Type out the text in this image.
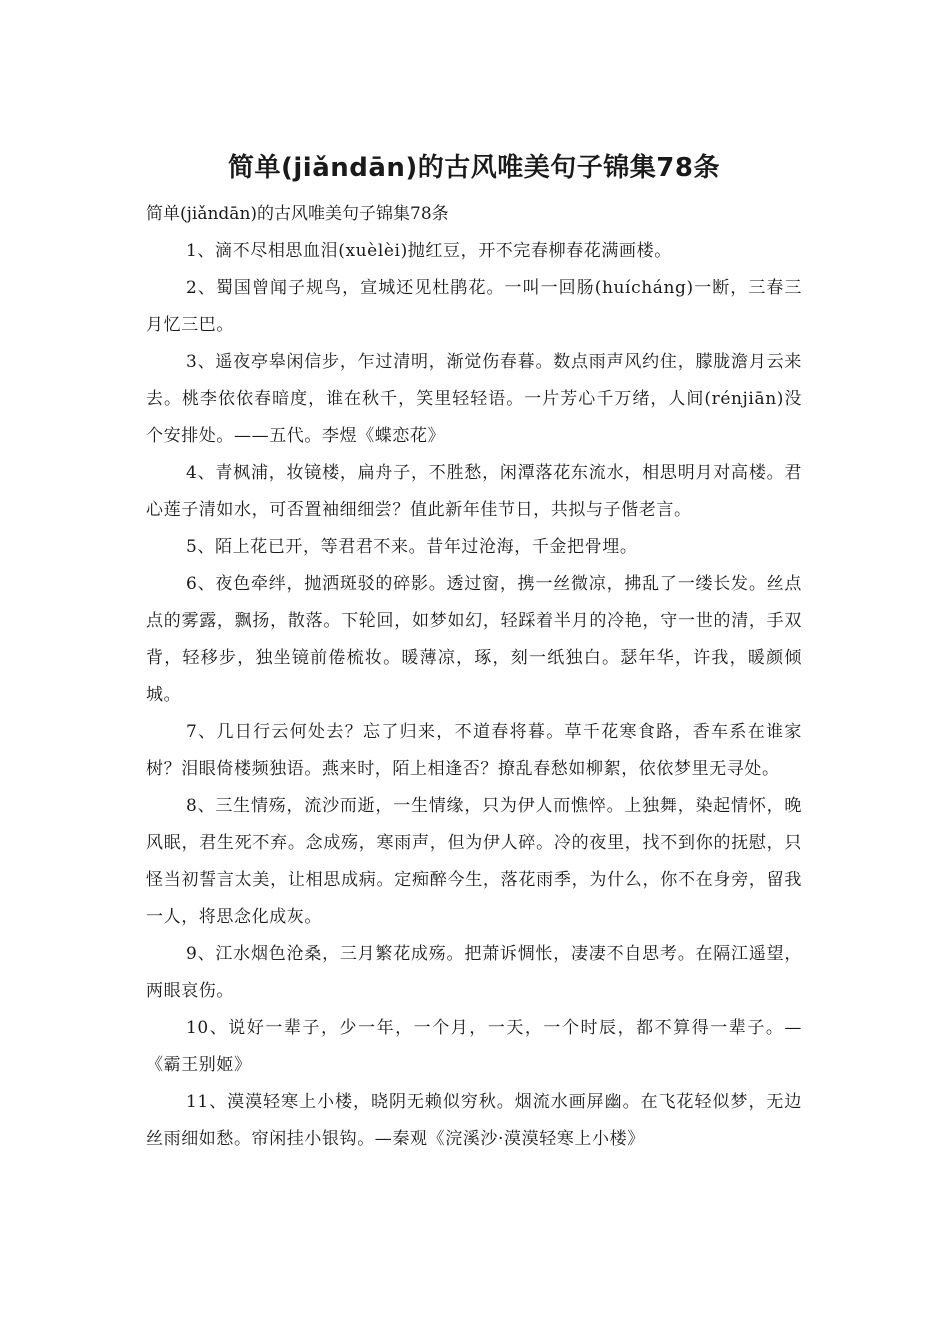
简单(jiǎndān)的古风唯美句子锦集78条

简单(jiǎndān)的古风唯美句子锦集78条

1、滴不尽相思血泪(xuèlèi)抛红豆，开不完春柳春花满画楼。

2、蜀国曾闻子规鸟，宣城还见杜鹃花。一叫一回肠(huícháng)一断，三春三月忆三巴。

3、遥夜亭皋闲信步，乍过清明，渐觉伤春暮。数点雨声风约住，朦胧澹月云来去。桃李依依春暗度，谁在秋千，笑里轻轻语。一片芳心千万绪，人间(rénjiān)没个安排处。——五代。李煜《蝶恋花》

4、青枫浦，妆镜楼，扁舟子，不胜愁，闲潭落花东流水，相思明月对高楼。君心莲子清如水，可否置袖细细尝？值此新年佳节日，共拟与子偕老言。

5、陌上花已开，等君君不来。昔年过沧海，千金把骨埋。

6、夜色牵绊，抛洒斑驳的碎影。透过窗，携一丝微凉，拂乱了一缕长发。丝点点的雾露，飘扬，散落。下轮回，如梦如幻，轻踩着半月的冷艳，守一世的清，手双背，轻移步，独坐镜前倦梳妆。暖薄凉，琢，刻一纸独白。瑟年华，许我，暖颜倾城。

7、几日行云何处去？忘了归来，不道春将暮。草千花寒食路，香车系在谁家树？泪眼倚楼频独语。燕来时，陌上相逢否？撩乱春愁如柳絮，依依梦里无寻处。

8、三生情殇，流沙而逝，一生情缘，只为伊人而憔悴。上独舞，染起情怀，晚风眠，君生死不弃。念成殇，寒雨声，但为伊人碎。冷的夜里，找不到你的抚慰，只怪当初誓言太美，让相思成病。定痴醉今生，落花雨季，为什么，你不在身旁，留我一人，将思念化成灰。

9、江水烟色沧桑，三月繁花成殇。把萧诉惆怅，凄凄不自思考。在隔江遥望，两眼哀伤。

10、说好一辈子，少一年，一个月，一天，一个时辰，都不算得一辈子。—《霸王别姬》

11、漠漠轻寒上小楼，晓阴无赖似穷秋。烟流水画屏幽。在飞花轻似梦，无边丝雨细如愁。帘闲挂小银钩。—秦观《浣溪沙·漠漠轻寒上小楼》
